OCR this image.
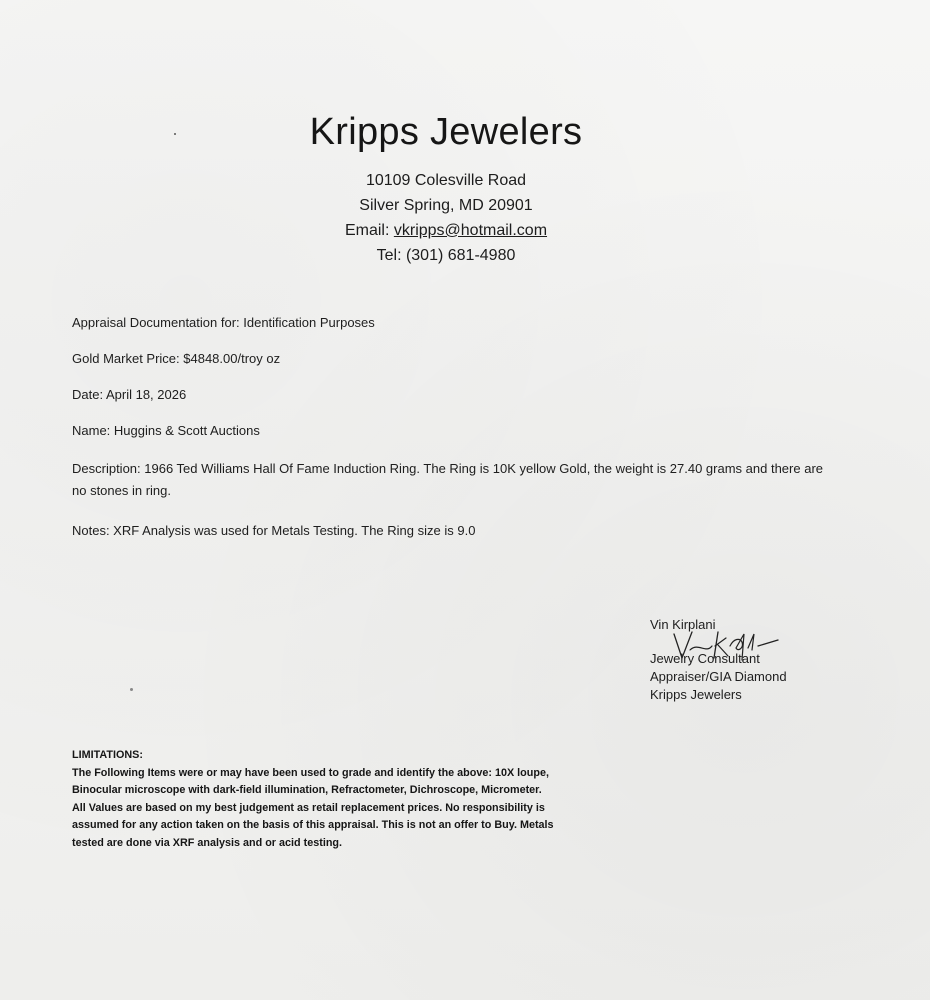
Kripps Jewelers
10109 Colesville Road
Silver Spring, MD 20901
Email: vkripps@hotmail.com
Tel: (301) 681-4980

Appraisal Documentation for: Identification Purposes

Gold Market Price: $4848.00/troy oz

Date: April 18, 2026

Name: Huggins & Scott Auctions

Description: 1966 Ted Williams Hall Of Fame Induction Ring. The Ring is 10K yellow Gold, the weight is 27.40 grams and there are no stones in ring.

Notes: XRF Analysis was used for Metals Testing. The Ring size is 9.0

Vin Kirplani

Jewelry Consultant

Appraiser/GIA Diamond

Kripps Jewelers

LIMITATIONS:

The Following Items were or may have been used to grade and identify the above: 10X loupe,

Binocular microscope with dark-field illumination, Refractometer, Dichroscope, Micrometer.

All Values are based on my best judgement as retail replacement prices. No responsibility is

assumed for any action taken on the basis of this appraisal. This is not an offer to Buy. Metals

tested are done via XRF analysis and or acid testing.
